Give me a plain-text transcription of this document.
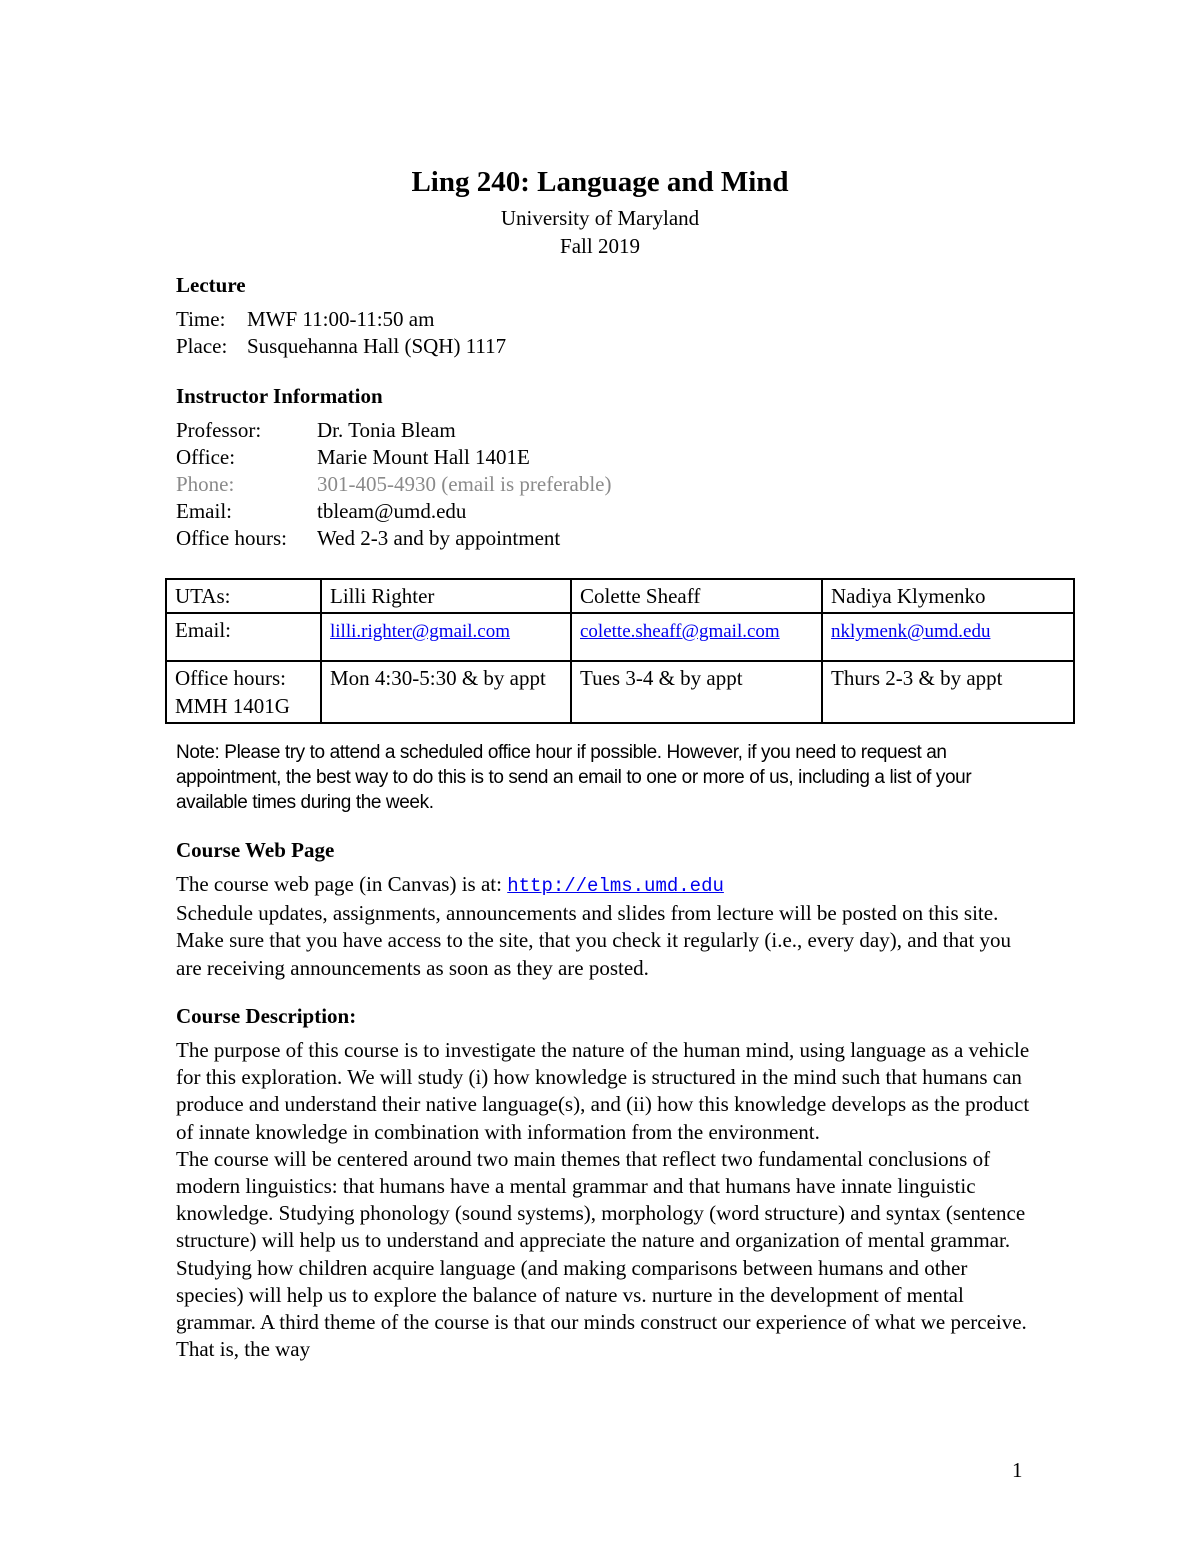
Ling 240: Language and Mind
University of Maryland
Fall 2019
Lecture
Time: MWF 11:00-11:50 am
Place: Susquehanna Hall (SQH) 1117
Instructor Information
Professor:	Dr. Tonia Bleam
Office:	Marie Mount Hall 1401E
Phone:	301-405-4930 (email is preferable)
Email:	tbleam@umd.edu
Office hours: Wed 2-3 and by appointment
UTAs:	Lilli Righter	Colette Sheaff	Nadiya Klymenko
Email:	lilli.righter@gmail.com	colette.sheaff@gmail.com	nklymenk@umd.edu
Office hours: MMH 1401G	Mon 4:30-5:30 & by appt	Tues 3-4 & by appt	Thurs 2-3 & by appt
Note: Please try to attend a scheduled office hour if possible. However, if you need to request an appointment, the best way to do this is to send an email to one or more of us, including a list of your available times during the week.
Course Web Page
The course web page (in Canvas) is at: http://elms.umd.edu
Schedule updates, assignments, announcements and slides from lecture will be posted on this site. Make sure that you have access to the site, that you check it regularly (i.e., every day), and that you are receiving announcements as soon as they are posted.
Course Description:
The purpose of this course is to investigate the nature of the human mind, using language as a vehicle for this exploration. We will study (i) how knowledge is structured in the mind such that humans can produce and understand their native language(s), and (ii) how this knowledge develops as the product of innate knowledge in combination with information from the environment.
The course will be centered around two main themes that reflect two fundamental conclusions of modern linguistics: that humans have a mental grammar and that humans have innate linguistic knowledge. Studying phonology (sound systems), morphology (word structure) and syntax (sentence structure) will help us to understand and appreciate the nature and organization of mental grammar. Studying how children acquire language (and making comparisons between humans and other species) will help us to explore the balance of nature vs. nurture in the development of mental grammar. A third theme of the course is that our minds construct our experience of what we perceive. That is, the way
1
